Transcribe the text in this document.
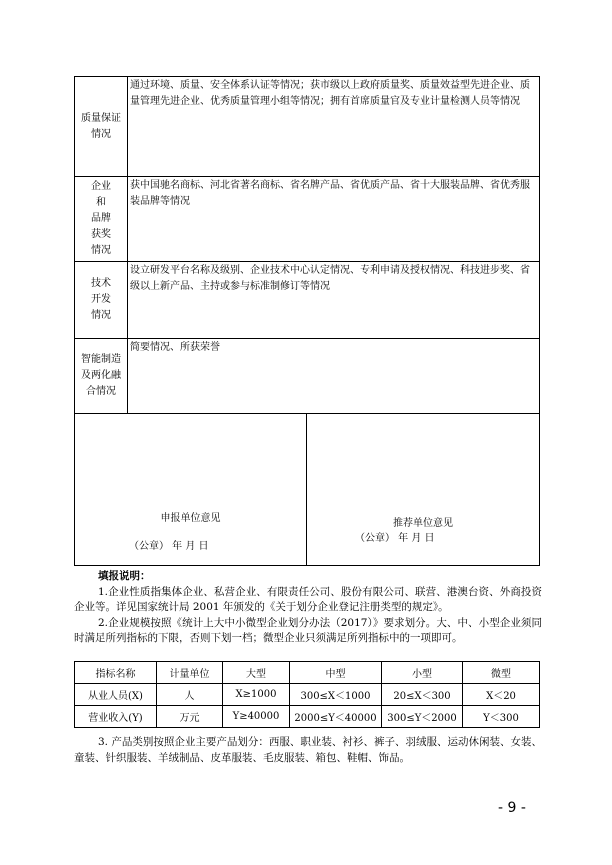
质量保证
情况	通过环境、质量、安全体系认证等情况；获市级以上政府质量奖、质量效益型先进企业、质量管理先进企业、优秀质量管理小组等情况；拥有首席质量官及专业计量检测人员等情况

企业
和
品牌
获奖
情况	获中国驰名商标、河北省著名商标、省名牌产品、省优质产品、省十大服装品牌、省优秀服装品牌等情况

技术
开发
情况	设立研发平台名称及级别、企业技术中心认定情况、专利申请及授权情况、科技进步奖、省级以上新产品、主持或参与标准制修订等情况

智能制造
及两化融
合情况	简要情况、所获荣誉
申报单位意见
（公章） 年 月 日

推荐单位意见
（公章） 年 月 日
填报说明：

1.企业性质指集体企业、私营企业、有限责任公司、股份有限公司、联营、港澳台资、外商投资企业等。详见国家统计局 2001 年颁发的《关于划分企业登记注册类型的规定》。

2.企业规模按照《统计上大中小微型企业划分办法（2017）》要求划分。大、中、小型企业须同时满足所列指标的下限，否则下划一档；微型企业只须满足所列指标中的一项即可。

指标名称	计量单位	大型	中型	小型	微型
从业人员(X)	人	X≥1000	300≤X＜1000	20≤X＜300	X＜20
营业收入(Y)	万元	Y≥40000	2000≤Y＜40000	300≤Y＜2000	Y＜300

3. 产品类别按照企业主要产品划分：西服、职业装、衬衫、裤子、羽绒服、运动休闲装、女装、童装、针织服装、羊绒制品、皮革服装、毛皮服装、箱包、鞋帽、饰品。

- 9 -
